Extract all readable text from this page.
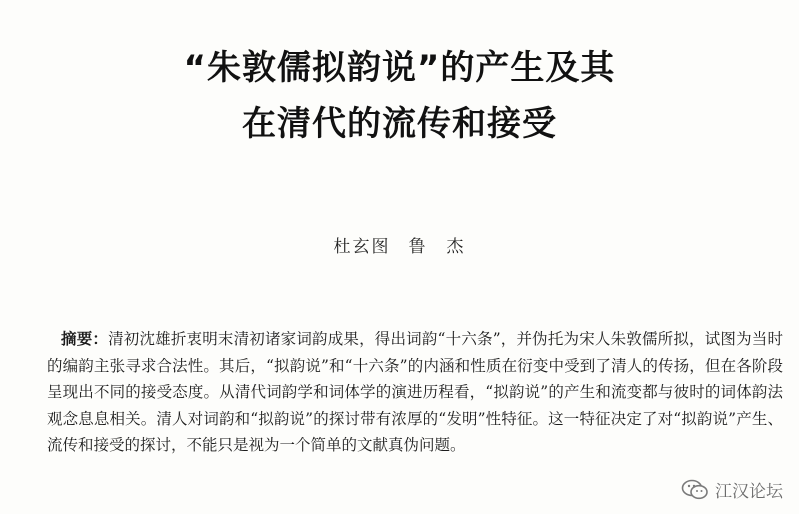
“朱敦儒拟韵说”的产生及其
在清代的流传和接受
杜玄图 鲁　杰
摘要：清初沈雄折衷明末清初诸家词韵成果，得出词韵“十六条”，并伪托为宋人朱敦儒所拟，试图为当时的编韵主张寻求合法性。其后，“拟韵说”和“十六条”的内涵和性质在衍变中受到了清人的传扬，但在各阶段呈现出不同的接受态度。从清代词韵学和词体学的演进历程看，“拟韵说”的产生和流变都与彼时的词体韵法观念息息相关。清人对词韵和“拟韵说”的探讨带有浓厚的“发明”性特征。这一特征决定了对“拟韵说”产生、流传和接受的探讨，不能只是视为一个简单的文献真伪问题。
江汉论坛
